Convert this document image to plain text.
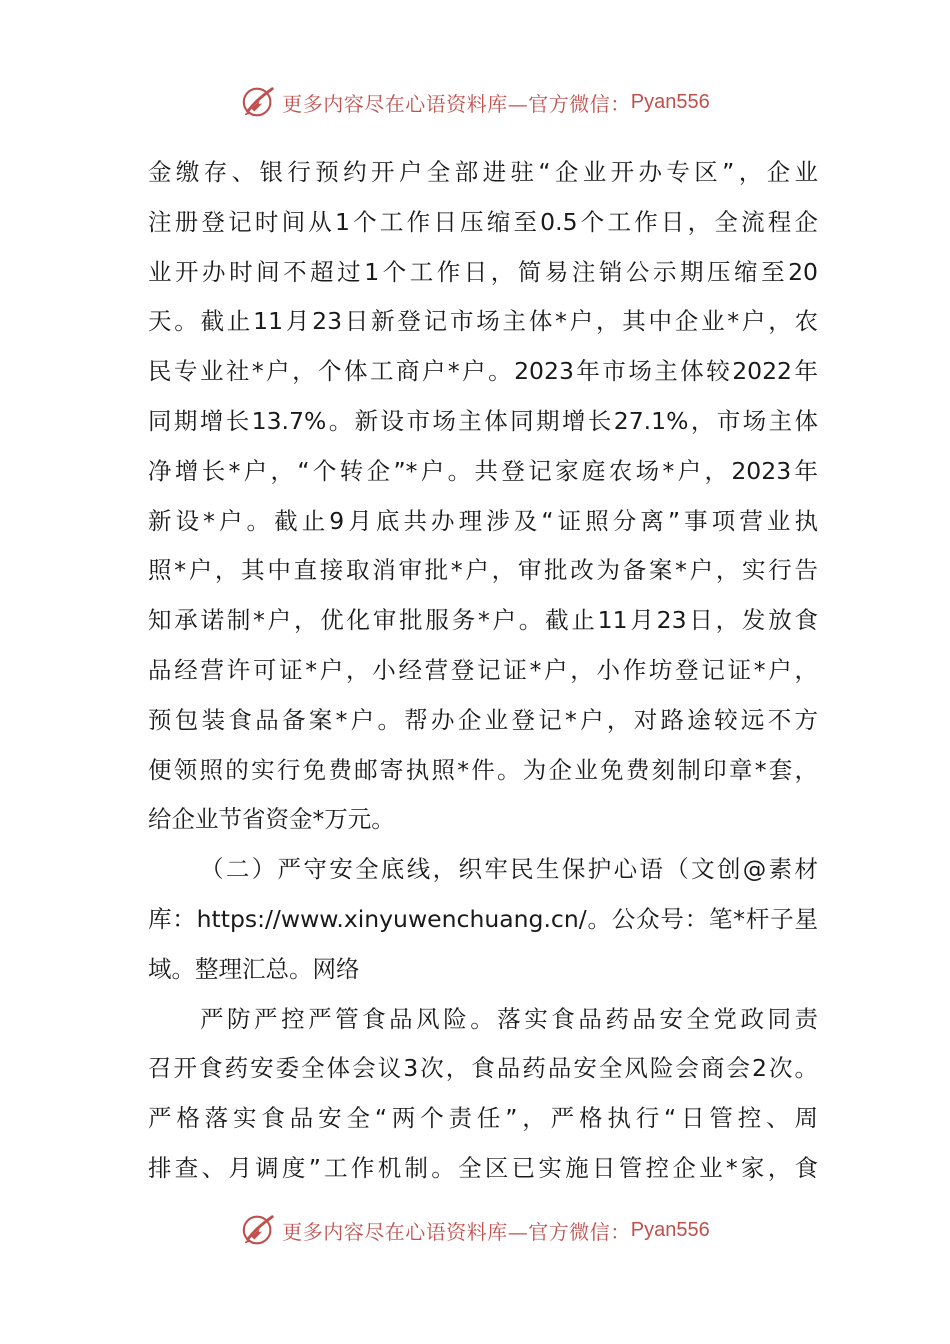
更多内容尽在心语资料库—官方微信： Pyan556
金缴存、银行预约开户全部进驻“企业开办专区”，企业
注册登记时间从1个工作日压缩至0.5个工作日，全流程企
业开办时间不超过1个工作日，简易注销公示期压缩至20
天。截止11月23日新登记市场主体*户，其中企业*户，农
民专业社*户，个体工商户*户。2023年市场主体较2022年
同期增长13.7%。新设市场主体同期增长27.1%，市场主体
净增长*户，“个转企”*户。共登记家庭农场*户，2023年
新设*户。截止9月底共办理涉及“证照分离”事项营业执
照*户，其中直接取消审批*户，审批改为备案*户，实行告
知承诺制*户，优化审批服务*户。截止11月23日，发放食
品经营许可证*户，小经营登记证*户，小作坊登记证*户，
预包装食品备案*户。帮办企业登记*户，对路途较远不方
便领照的实行免费邮寄执照*件。为企业免费刻制印章*套，
给企业节省资金*万元。
（二）严守安全底线，织牢民生保护心语（文创@素材
库：https://www.xinyuwenchuang.cn/。公众号：笔*杆子星
域。整理汇总。网络
严防严控严管食品风险。落实食品药品安全党政同责
召开食药安委全体会议3次，食品药品安全风险会商会2次。
严格落实食品安全“两个责任”，严格执行“日管控、周
排查、月调度”工作机制。全区已实施日管控企业*家，食
更多内容尽在心语资料库—官方微信： Pyan556
